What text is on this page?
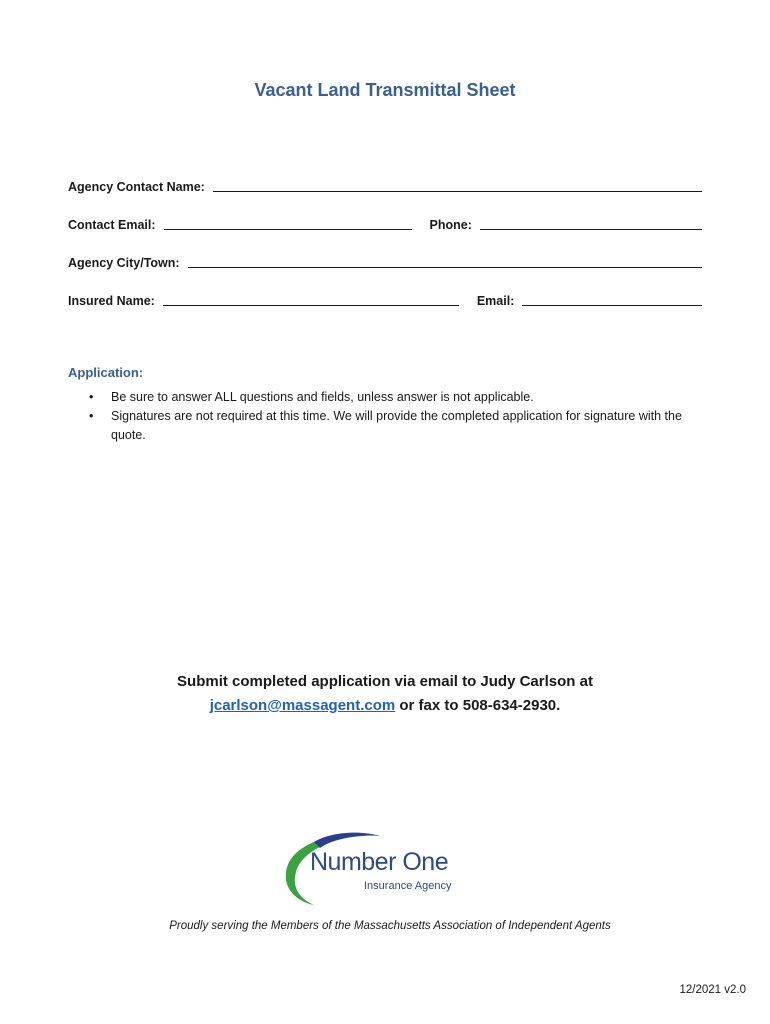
Vacant Land Transmittal Sheet
Agency Contact Name:
Contact Email:	Phone:
Agency City/Town:
Insured Name:	Email:
Application:
• Be sure to answer ALL questions and fields, unless answer is not applicable.
• Signatures are not required at this time. We will provide the completed application for signature with the quote.
Submit completed application via email to Judy Carlson at
jcarlson@massagent.com or fax to 508-634-2930.
Number One
Insurance Agency
Proudly serving the Members of the Massachusetts Association of Independent Agents
12/2021 v2.0
